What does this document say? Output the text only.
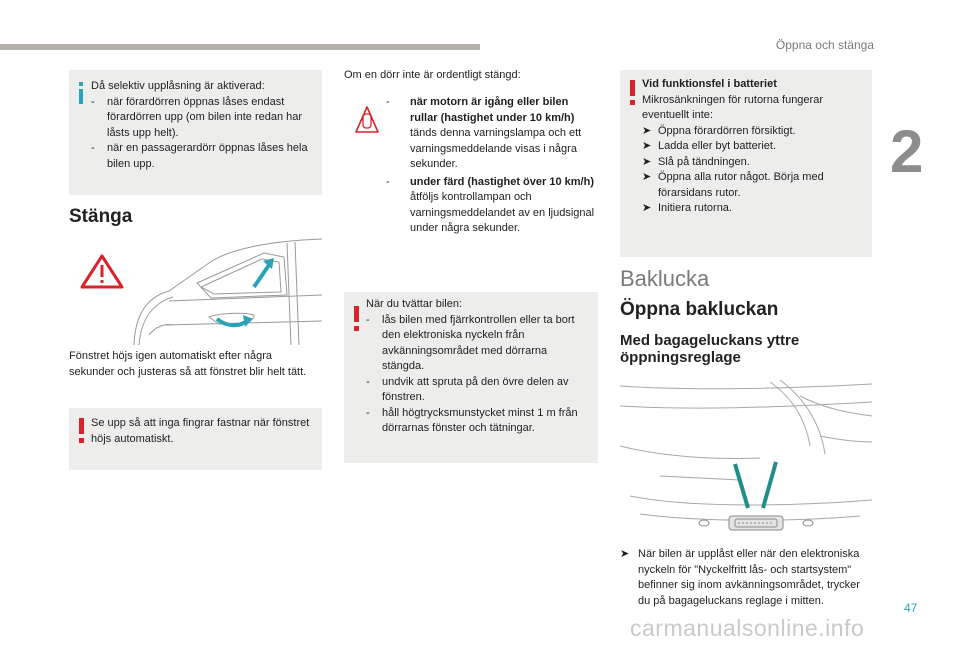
Öppna och stänga
2
Då selektiv upplåsning är aktiverad:
-	när förardörren öppnas låses endast förardörren upp (om bilen inte redan har låsts upp helt).
-	när en passagerardörr öppnas låses hela bilen upp.
Stänga
Fönstret höjs igen automatiskt efter några sekunder och justeras så att fönstret blir helt tätt.
Se upp så att inga fingrar fastnar när fönstret höjs automatiskt.
Om en dörr inte är ordentligt stängd:
-	när motorn är igång eller bilen rullar (hastighet under 10 km/h) tänds denna varningslampa och ett varningsmeddelande visas i några sekunder.
-	under färd (hastighet över 10 km/h) åtföljs kontrollampan och varningsmeddelandet av en ljudsignal under några sekunder.
När du tvättar bilen:
-	lås bilen med fjärrkontrollen eller ta bort den elektroniska nyckeln från avkänningsområdet med dörrarna stängda.
-	undvik att spruta på den övre delen av fönstren.
-	håll högtrycksmunstycket minst 1 m från dörrarnas fönster och tätningar.
Vid funktionsfel i batteriet
Mikrosänkningen för rutorna fungerar eventuellt inte:
➤ Öppna förardörren försiktigt.
➤ Ladda eller byt batteriet.
➤ Slå på tändningen.
➤ Öppna alla rutor något. Börja med förarsidans rutor.
➤ Initiera rutorna.
Baklucka
Öppna bakluckan
Med bagageluckans yttre öppningsreglage
➤ När bilen är upplåst eller när den elektroniska nyckeln för "Nyckelfritt lås- och startsystem" befinner sig inom avkänningsområdet, trycker du på bagageluckans reglage i mitten.
47
carmanualsonline.info
